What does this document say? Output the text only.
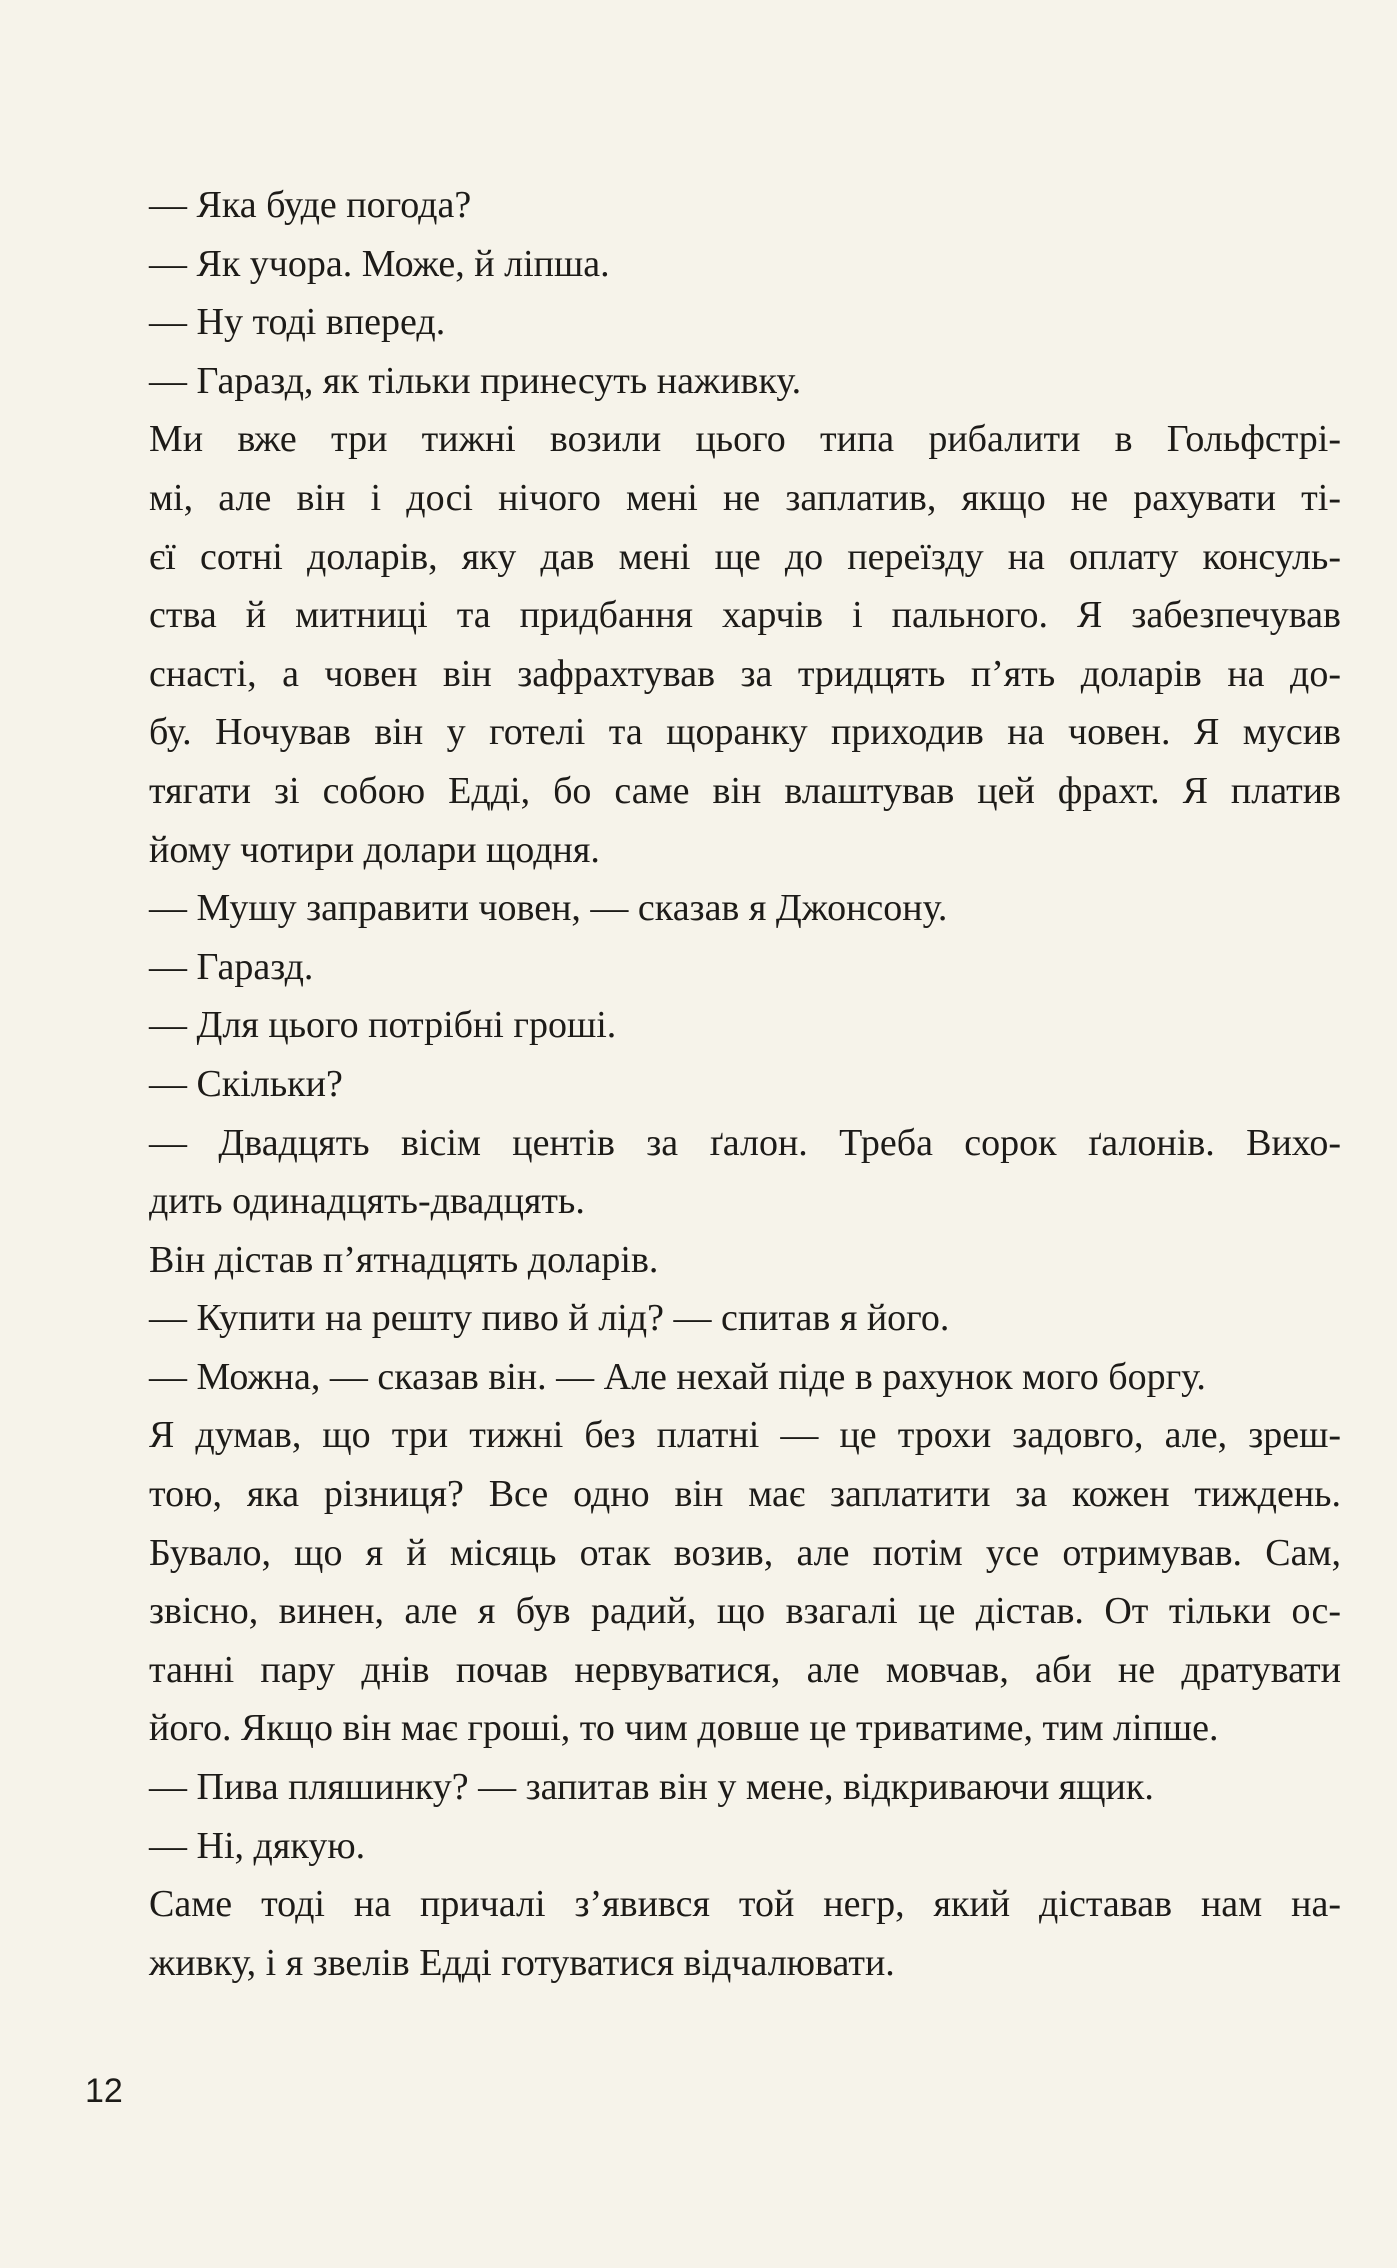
— Яка буде погода?
— Як учора. Може, й ліпша.
— Ну тоді вперед.
— Гаразд, як тільки принесуть наживку.
Ми вже три тижні возили цього типа рибалити в Гольфстрі-
мі, але він і досі нічого мені не заплатив, якщо не рахувати ті-
єї сотні доларів, яку дав мені ще до переїзду на оплату консуль-
ства й митниці та придбання харчів і пального. Я забезпечував
снасті, а човен він зафрахтував за тридцять п’ять доларів на до-
бу. Ночував він у готелі та щоранку приходив на човен. Я мусив
тягати зі собою Едді, бо саме він влаштував цей фрахт. Я платив
йому чотири долари щодня.
— Мушу заправити човен, — сказав я Джонсону.
— Гаразд.
— Для цього потрібні гроші.
— Скільки?
— Двадцять вісім центів за ґалон. Треба сорок ґалонів. Вихо-
дить одинадцять-двадцять.
Він дістав п’ятнадцять доларів.
— Купити на решту пиво й лід? — спитав я його.
— Можна, — сказав він. — Але нехай піде в рахунок мого боргу.
Я думав, що три тижні без платні — це трохи задовго, але, зреш-
тою, яка різниця? Все одно він має заплатити за кожен тиждень.
Бувало, що я й місяць отак возив, але потім усе отримував. Сам,
звісно, винен, але я був радий, що взагалі це дістав. От тільки ос-
танні пару днів почав нервуватися, але мовчав, аби не дратувати
його. Якщо він має гроші, то чим довше це триватиме, тим ліпше.
— Пива пляшинку? — запитав він у мене, відкриваючи ящик.
— Ні, дякую.
Саме тоді на причалі з’явився той негр, який діставав нам на-
живку, і я звелів Едді готуватися відчалювати.
12
